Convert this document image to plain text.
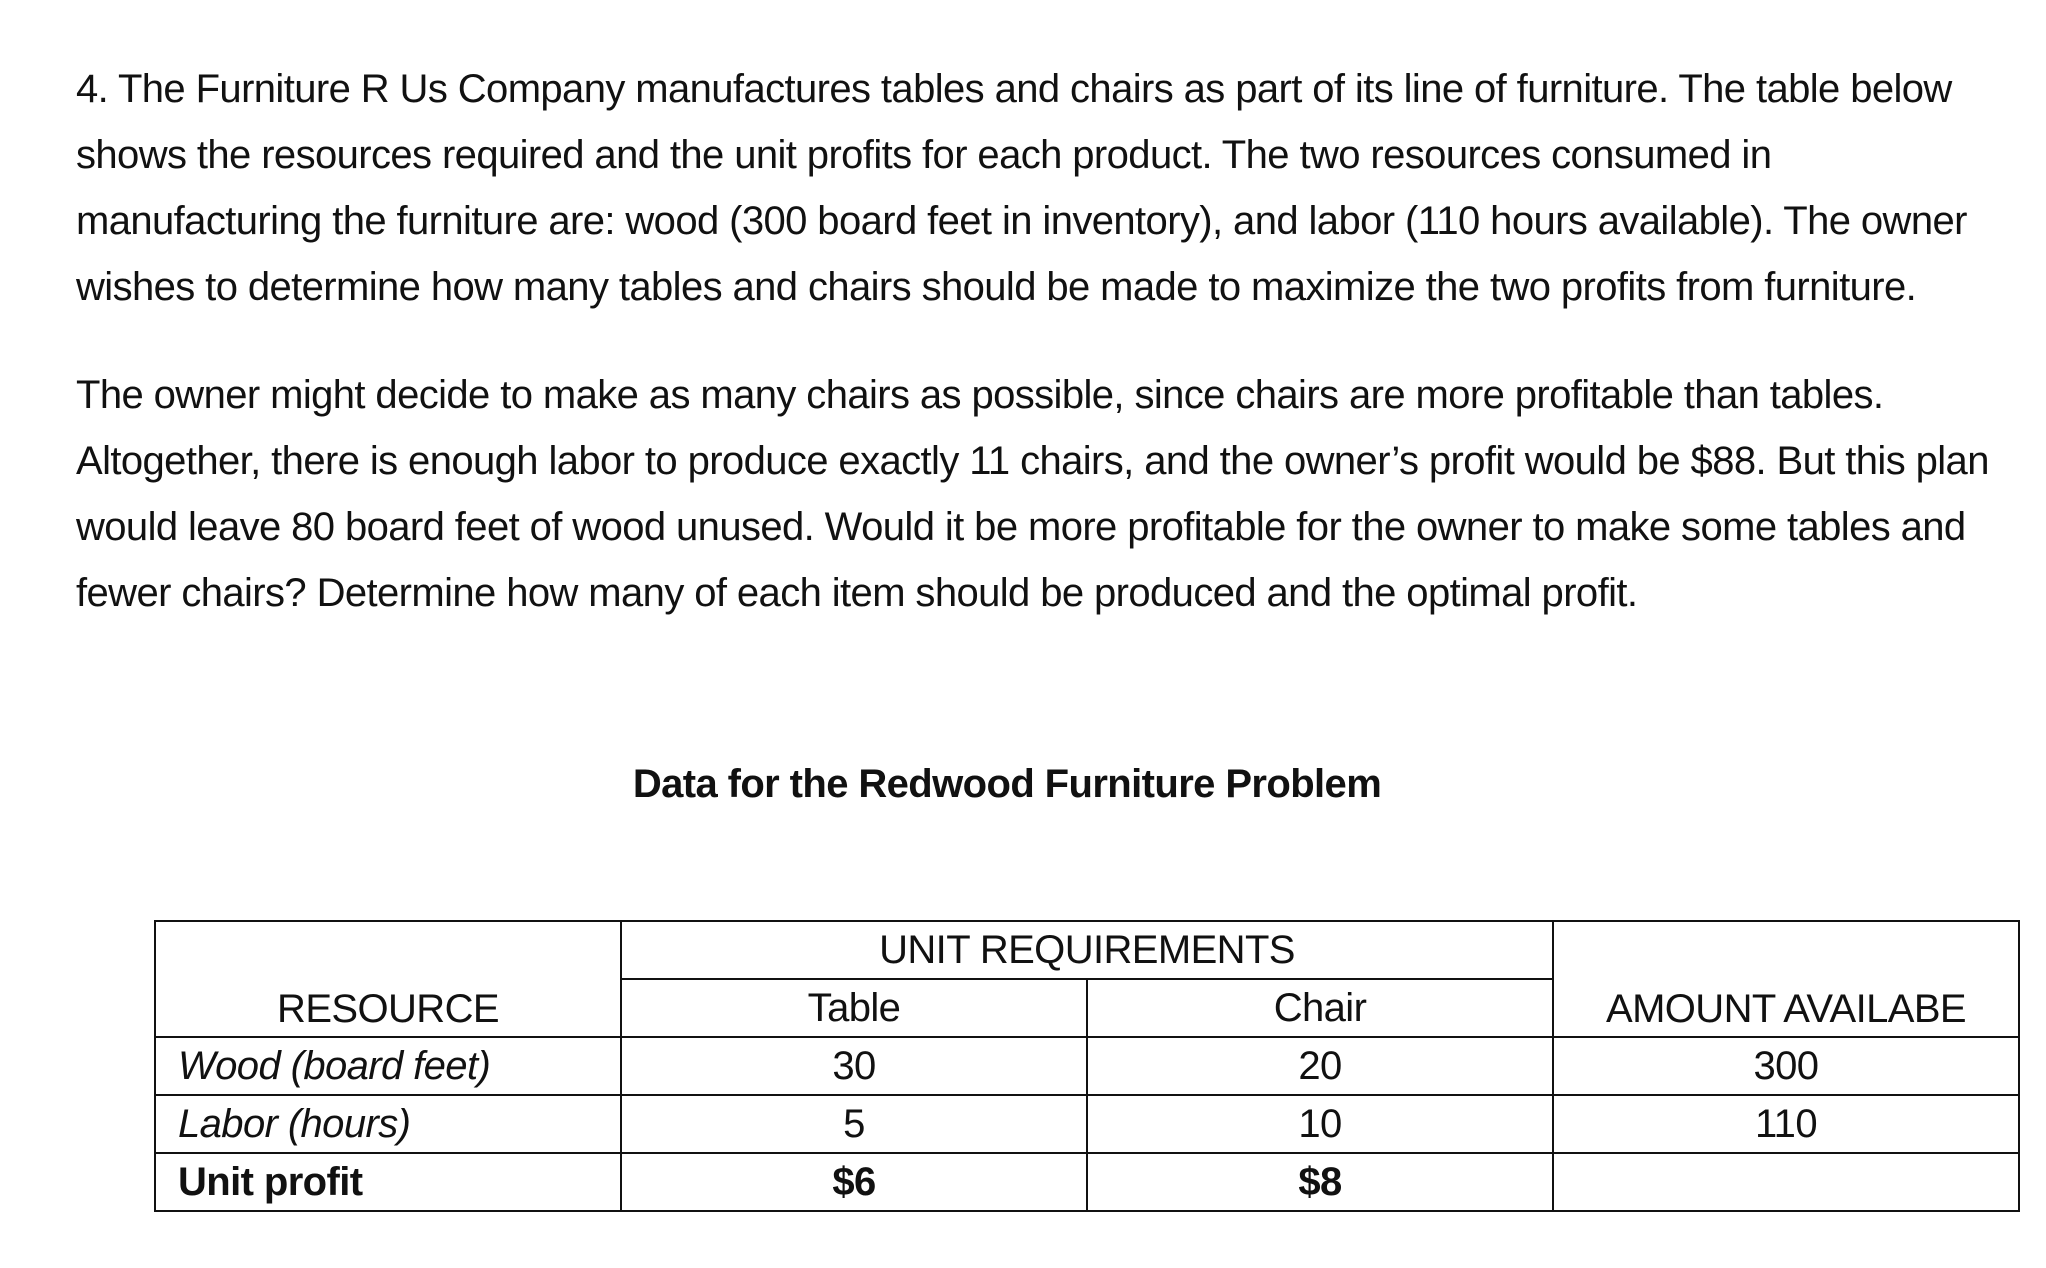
4. The Furniture R Us Company manufactures tables and chairs as part of its line of furniture. The table below shows the resources required and the unit profits for each product. The two resources consumed in manufacturing the furniture are: wood (300 board feet in inventory), and labor (110 hours available). The owner wishes to determine how many tables and chairs should be made to maximize the two profits from furniture.

The owner might decide to make as many chairs as possible, since chairs are more profitable than tables. Altogether, there is enough labor to produce exactly 11 chairs, and the owner’s profit would be $88. But this plan would leave 80 board feet of wood unused. Would it be more profitable for the owner to make some tables and fewer chairs? Determine how many of each item should be produced and the optimal profit.

Data for the Redwood Furniture Problem

RESOURCE	UNIT REQUIREMENTS		AMOUNT AVAILABE
	Table	Chair	
Wood (board feet)	30	20	300
Labor (hours)	5	10	110
Unit profit	$6	$8	
